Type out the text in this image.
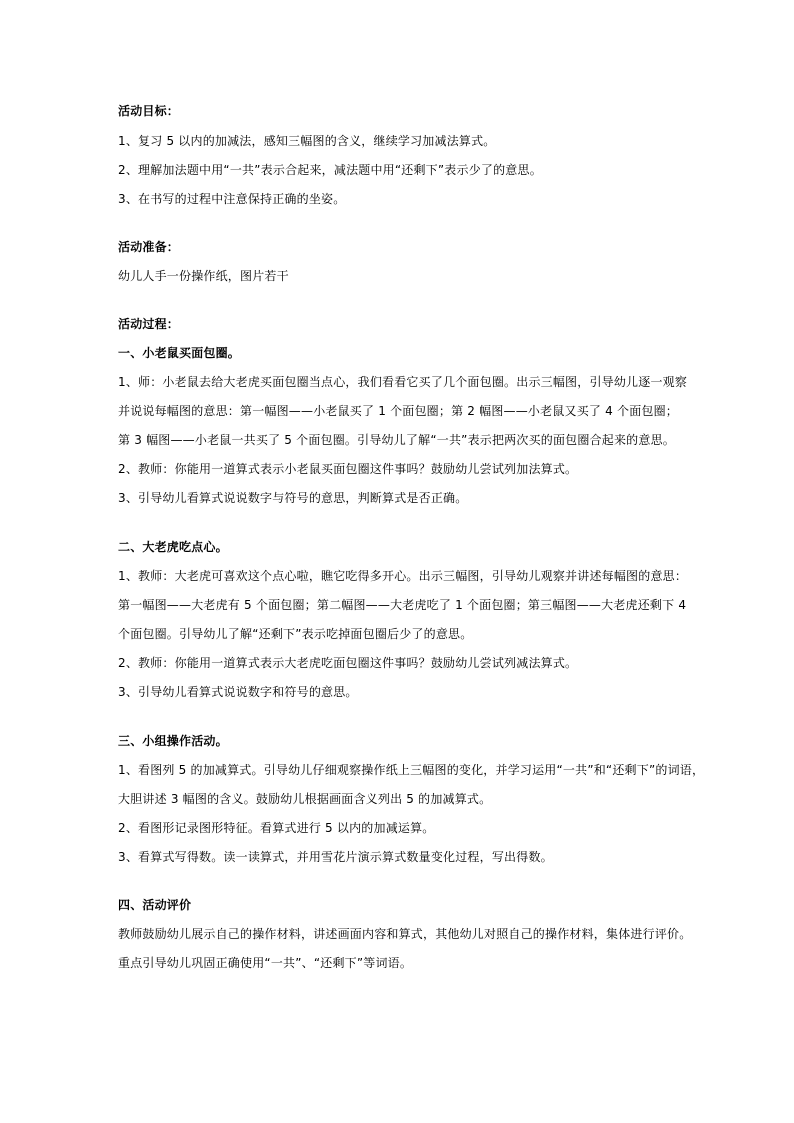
活动目标：
1、复习 5 以内的加减法，感知三幅图的含义，继续学习加减法算式。
2、理解加法题中用“一共”表示合起来，减法题中用“还剩下”表示少了的意思。
3、在书写的过程中注意保持正确的坐姿。
活动准备：
幼儿人手一份操作纸，图片若干
活动过程：
一、小老鼠买面包圈。
1、师：小老鼠去给大老虎买面包圈当点心，我们看看它买了几个面包圈。出示三幅图，引导幼儿逐一观察
并说说每幅图的意思：第一幅图——小老鼠买了 1 个面包圈；第 2 幅图——小老鼠又买了 4 个面包圈；
第 3 幅图——小老鼠一共买了 5 个面包圈。引导幼儿了解“一共”表示把两次买的面包圈合起来的意思。
2、教师：你能用一道算式表示小老鼠买面包圈这件事吗？鼓励幼儿尝试列加法算式。
3、引导幼儿看算式说说数字与符号的意思，判断算式是否正确。
二、大老虎吃点心。
1、教师：大老虎可喜欢这个点心啦，瞧它吃得多开心。出示三幅图，引导幼儿观察并讲述每幅图的意思：
第一幅图——大老虎有 5 个面包圈；第二幅图——大老虎吃了 1 个面包圈；第三幅图——大老虎还剩下 4
个面包圈。引导幼儿了解“还剩下”表示吃掉面包圈后少了的意思。
2、教师：你能用一道算式表示大老虎吃面包圈这件事吗？鼓励幼儿尝试列减法算式。
3、引导幼儿看算式说说数字和符号的意思。
三、小组操作活动。
1、看图列 5 的加减算式。引导幼儿仔细观察操作纸上三幅图的变化，并学习运用“一共”和“还剩下”的词语，
大胆讲述 3 幅图的含义。鼓励幼儿根据画面含义列出 5 的加减算式。
2、看图形记录图形特征。看算式进行 5 以内的加减运算。
3、看算式写得数。读一读算式，并用雪花片演示算式数量变化过程，写出得数。
四、活动评价
教师鼓励幼儿展示自己的操作材料，讲述画面内容和算式，其他幼儿对照自己的操作材料，集体进行评价。
重点引导幼儿巩固正确使用“一共”、“还剩下”等词语。
